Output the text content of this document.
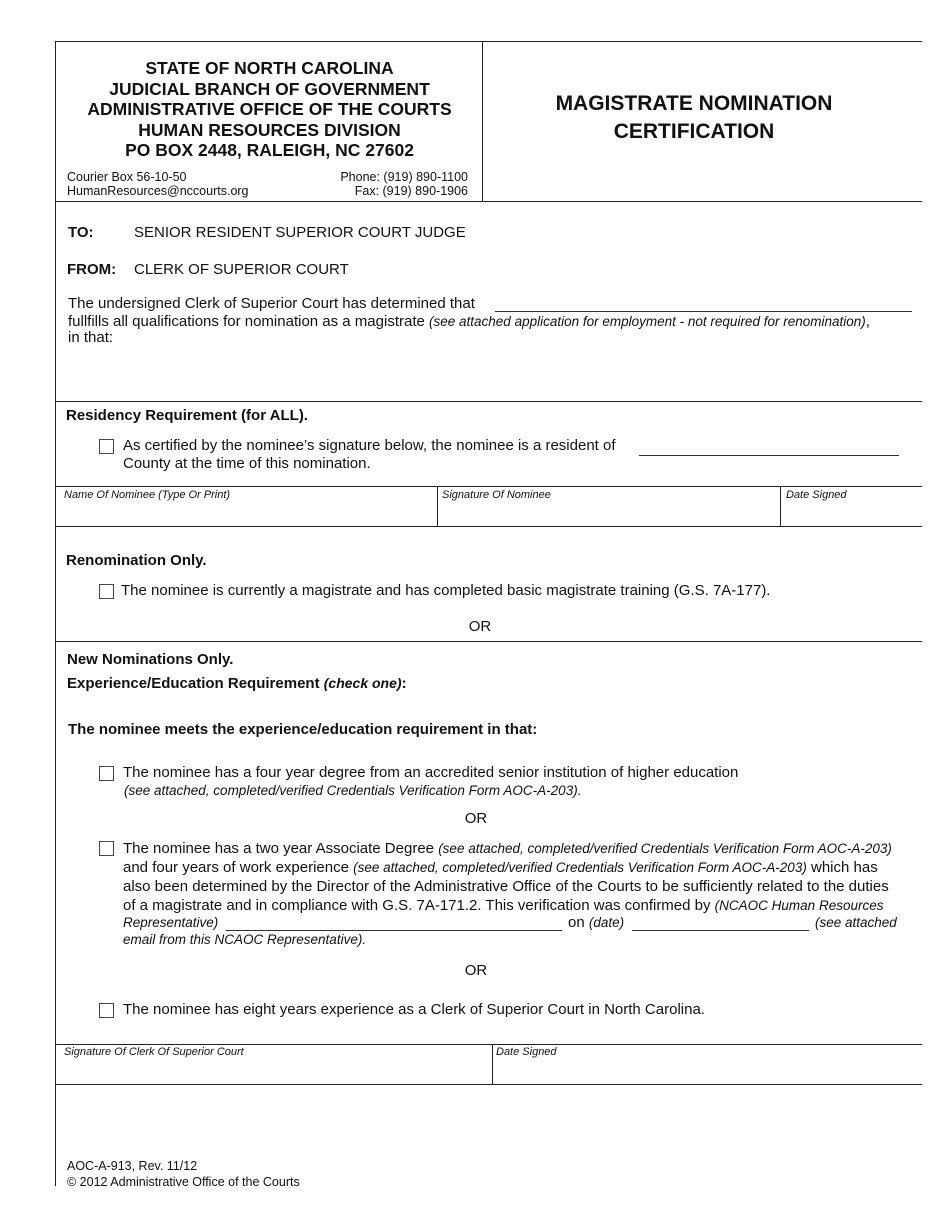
STATE OF NORTH CAROLINA
JUDICIAL BRANCH OF GOVERNMENT
ADMINISTRATIVE OFFICE OF THE COURTS
HUMAN RESOURCES DIVISION
PO BOX 2448, RALEIGH, NC 27602
Courier Box 56-10-50
HumanResources@nccourts.org
Phone: (919) 890-1100
Fax: (919) 890-1906
MAGISTRATE NOMINATION
CERTIFICATION
TO:	SENIOR RESIDENT SUPERIOR COURT JUDGE
FROM: CLERK OF SUPERIOR COURT
The undersigned Clerk of Superior Court has determined that
fullfills all qualifications for nomination as a magistrate (see attached application for employment - not required for renomination),
in that:
Residency Requirement (for ALL).
As certified by the nominee’s signature below, the nominee is a resident of
County at the time of this nomination.
Name Of Nominee (Type Or Print)	Signature Of Nominee	Date Signed
Renomination Only.
The nominee is currently a magistrate and has completed basic magistrate training (G.S. 7A-177).
OR
New Nominations Only.
Experience/Education Requirement (check one):
The nominee meets the experience/education requirement in that:
The nominee has a four year degree from an accredited senior institution of higher education
(see attached, completed/verified Credentials Verification Form AOC-A-203).
OR
The nominee has a two year Associate Degree (see attached, completed/verified Credentials Verification Form AOC-A-203)
and four years of work experience (see attached, completed/verified Credentials Verification Form AOC-A-203) which has
also been determined by the Director of the Administrative Office of the Courts to be sufficiently related to the duties
of a magistrate and in compliance with G.S. 7A-171.2. This verification was confirmed by (NCAOC Human Resources
Representative)	on (date)	(see attached
email from this NCAOC Representative).
OR
The nominee has eight years experience as a Clerk of Superior Court in North Carolina.
Signature Of Clerk Of Superior Court	Date Signed
AOC-A-913, Rev. 11/12
© 2012 Administrative Office of the Courts
